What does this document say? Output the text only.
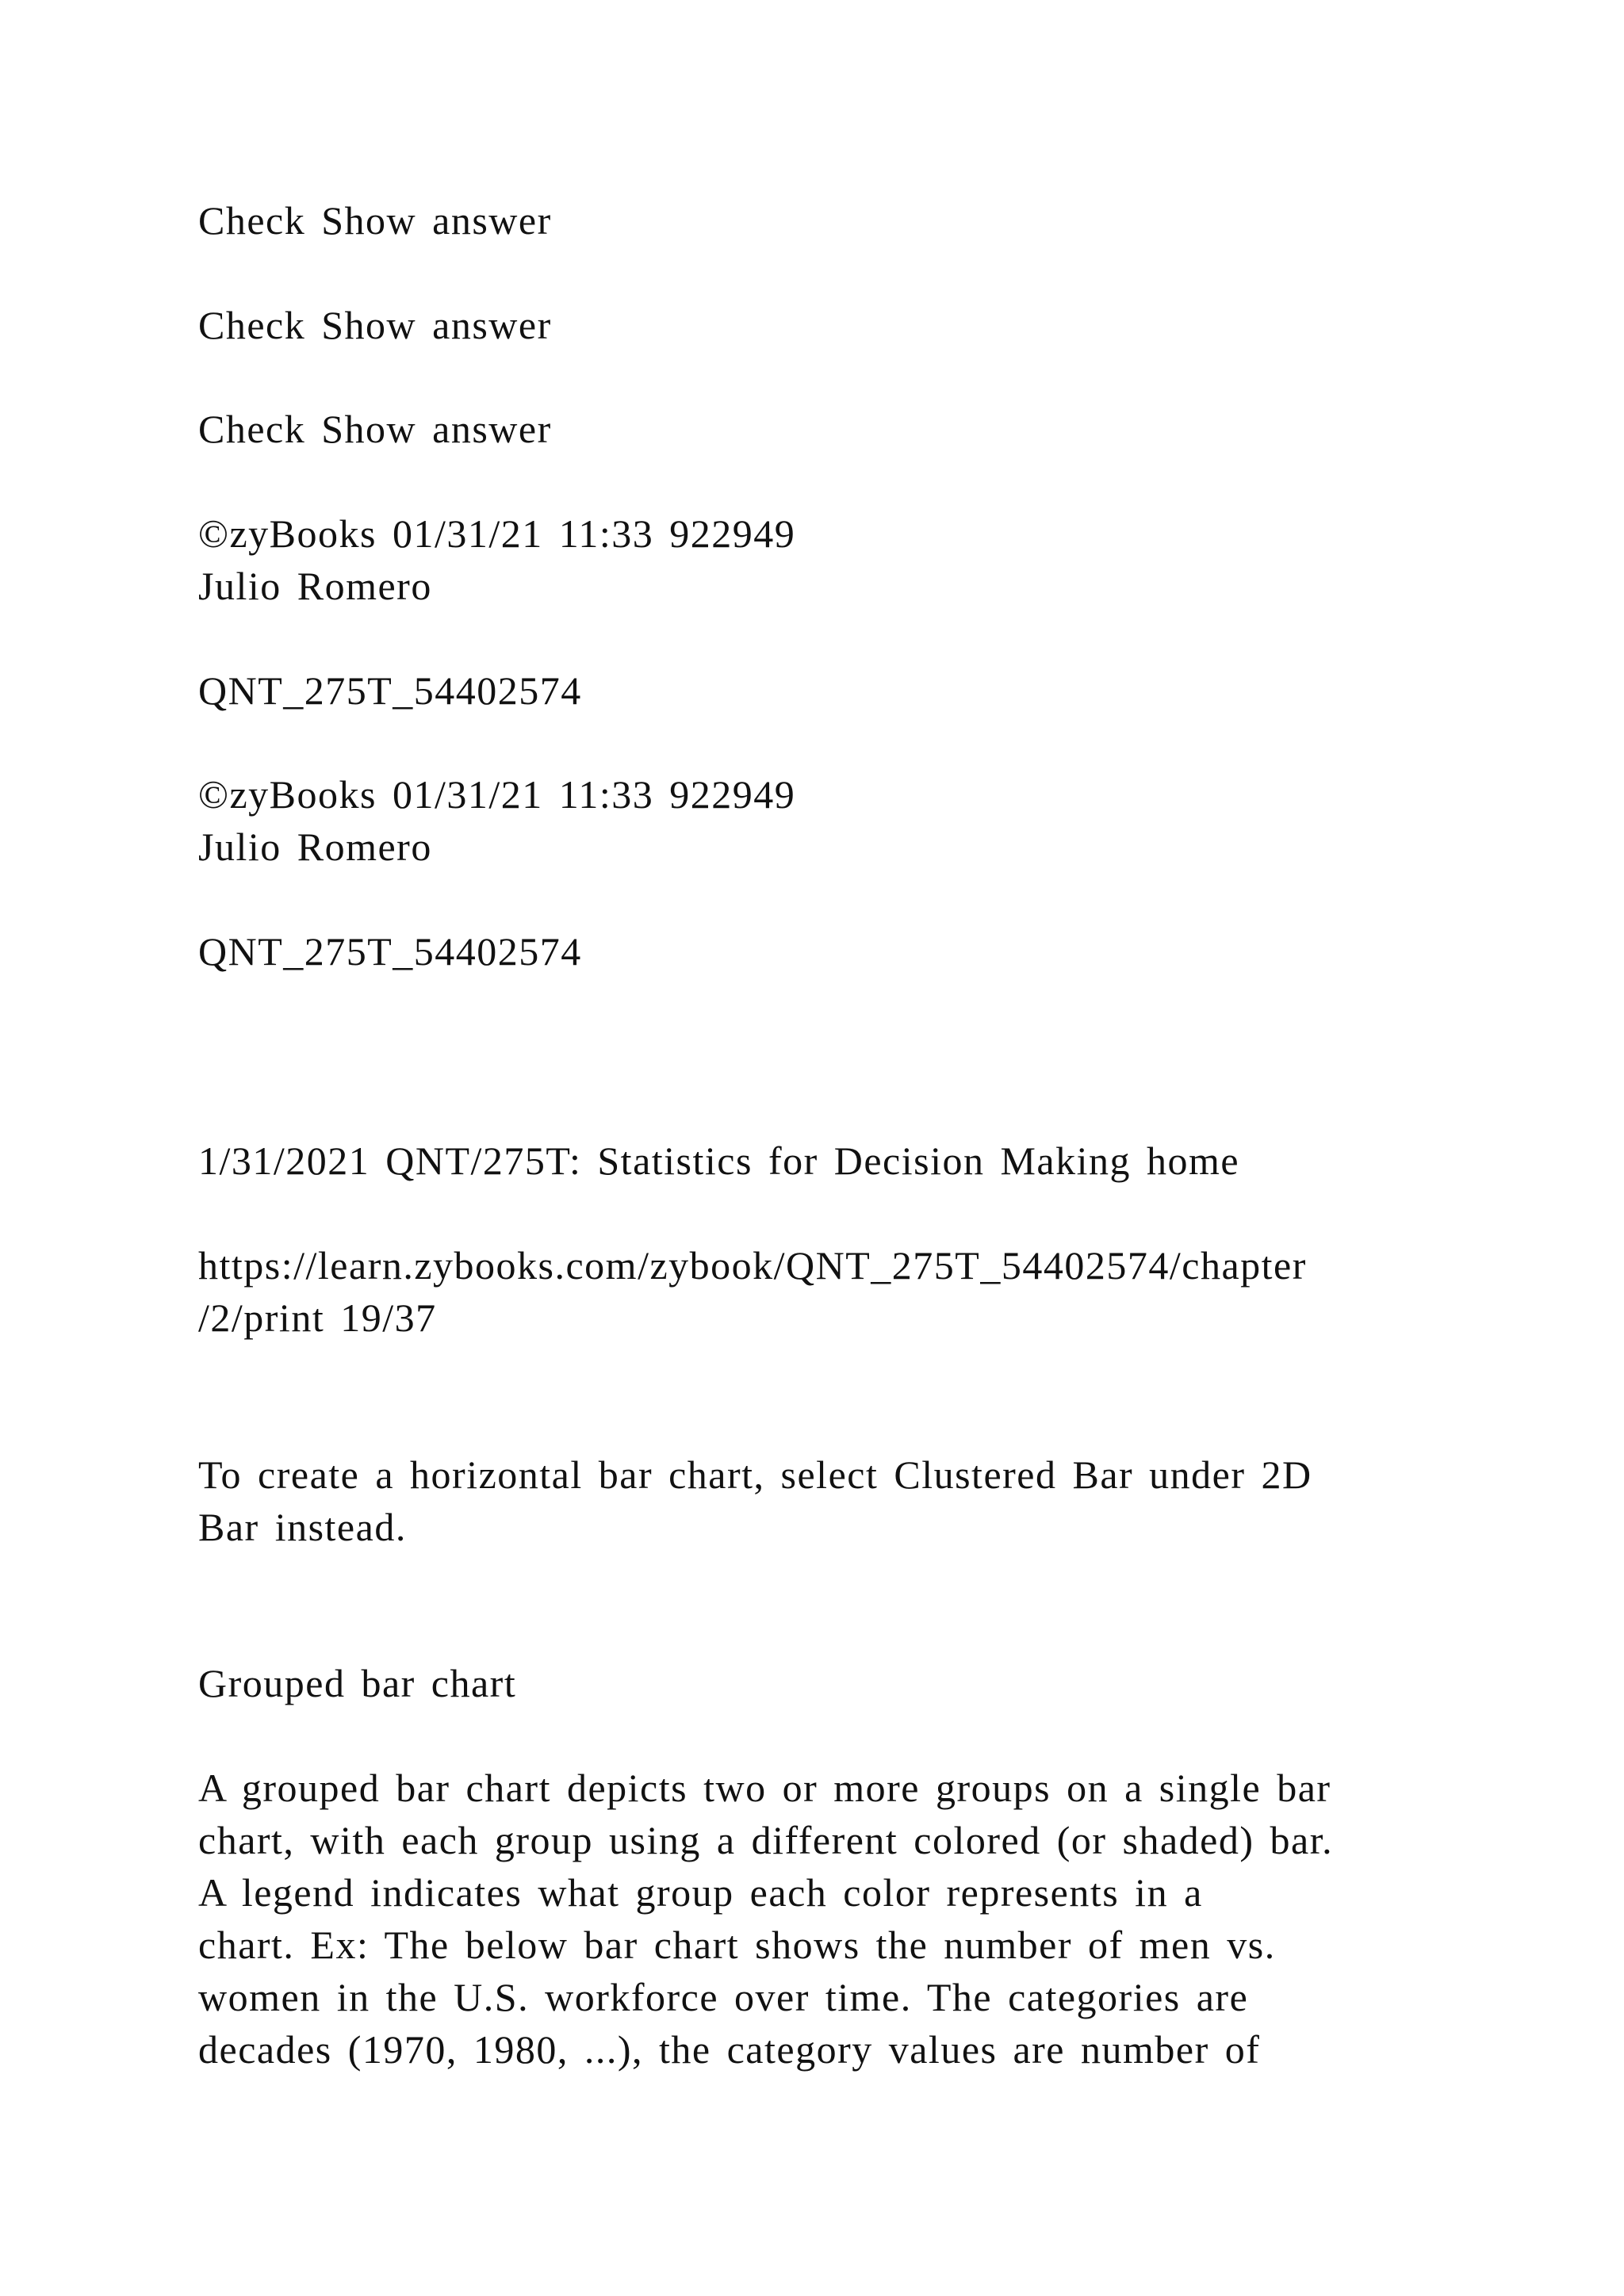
Check Show answer
Check Show answer
Check Show answer
©zyBooks 01/31/21 11:33 922949
Julio Romero
QNT_275T_54402574
©zyBooks 01/31/21 11:33 922949
Julio Romero
QNT_275T_54402574
1/31/2021 QNT/275T: Statistics for Decision Making home
https://learn.zybooks.com/zybook/QNT_275T_54402574/chapter
/2/print 19/37
To create a horizontal bar chart, select Clustered Bar under 2D
Bar instead.
Grouped bar chart
A grouped bar chart depicts two or more groups on a single bar
chart, with each group using a different colored (or shaded) bar.
A legend indicates what group each color represents in a
chart. Ex: The below bar chart shows the number of men vs.
women in the U.S. workforce over time. The categories are
decades (1970, 1980, ...), the category values are number of
